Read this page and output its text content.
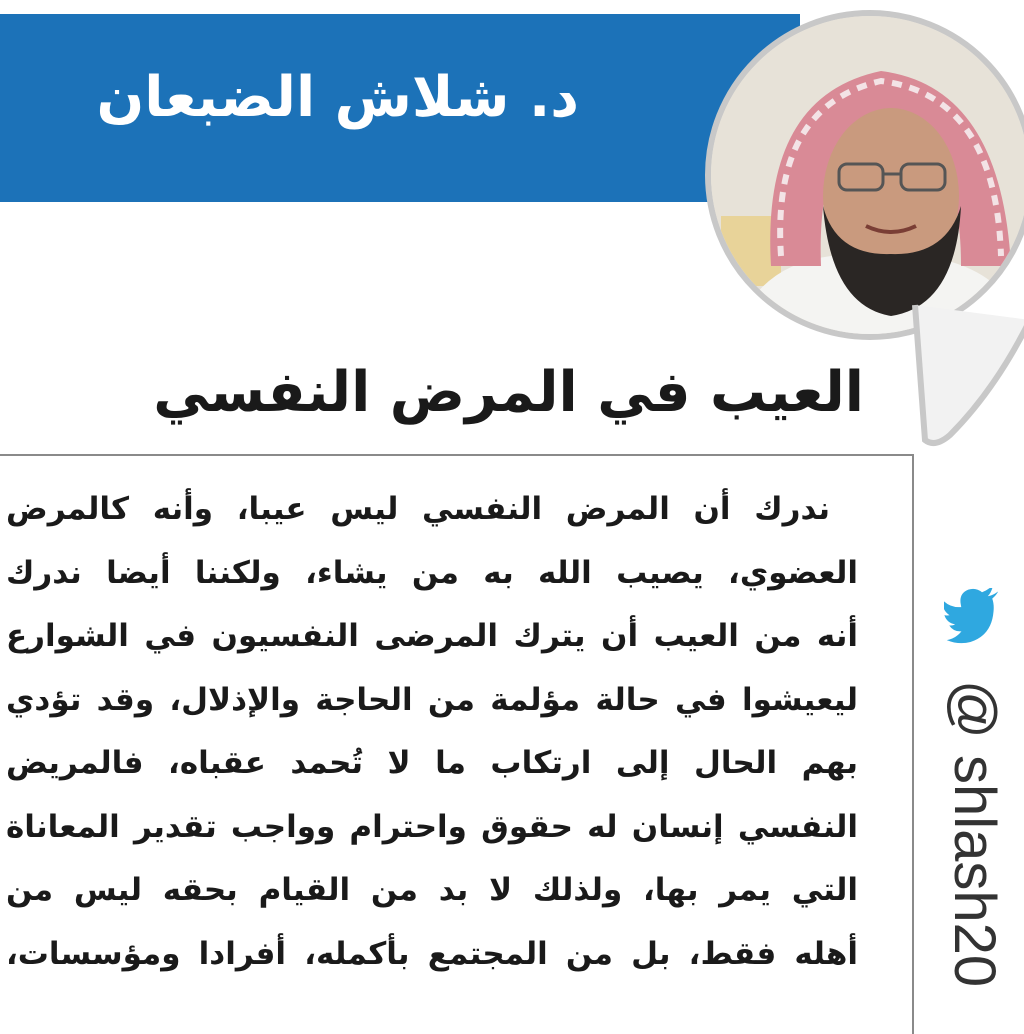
د. شلاش الضبعان
العيب في المرض النفسي
ندرك أن المرض النفسي ليس عيبا، وأنه كالمرض
العضوي، يصيب الله به من يشاء، ولكننا أيضا ندرك
أنه من العيب أن يترك المرضى النفسيون في الشوارع
ليعيشوا في حالة مؤلمة من الحاجة والإذلال، وقد تؤدي
بهم الحال إلى ارتكاب ما لا تُحمد عقباه، فالمريض
النفسي إنسان له حقوق واحترام وواجب تقدير المعاناة
التي يمر بها، ولذلك لا بد من القيام بحقه ليس من
أهله فقط، بل من المجتمع بأكمله، أفرادا ومؤسسات، @ shlash20
